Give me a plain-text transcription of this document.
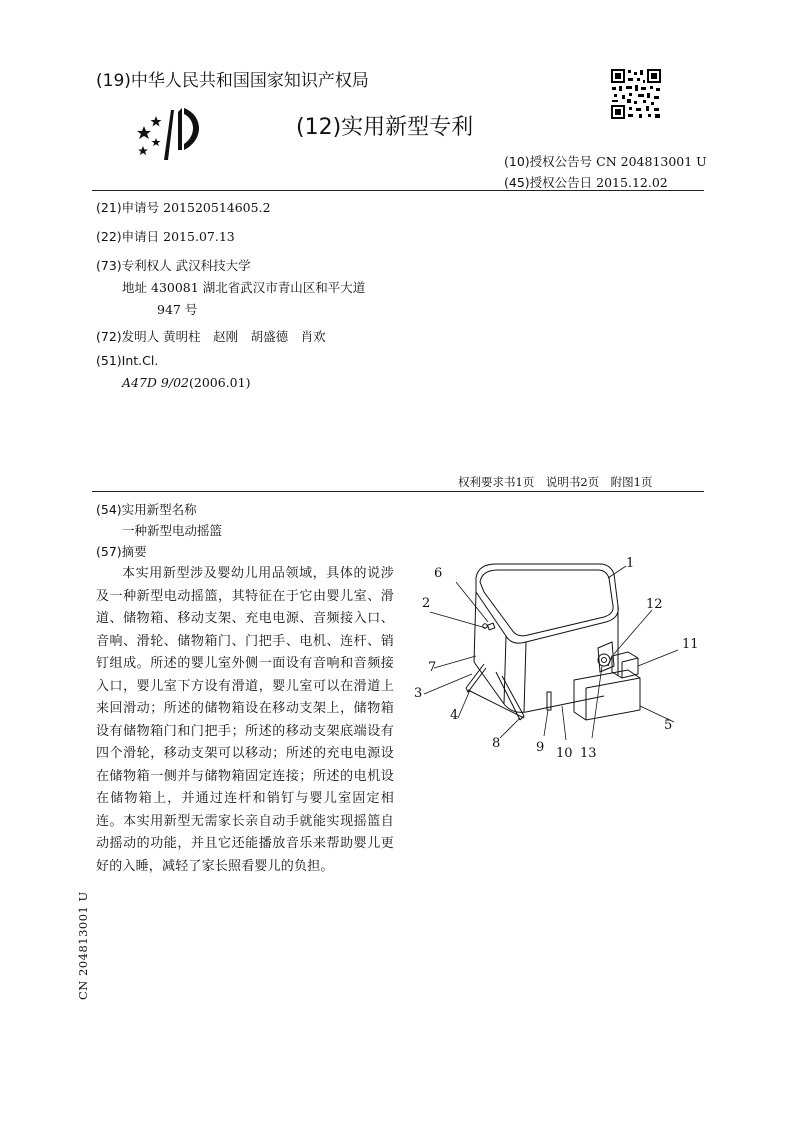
(19)中华人民共和国国家知识产权局
(12)实用新型专利
(10)授权公告号 CN 204813001 U
(45)授权公告日 2015.12.02
(21)申请号 201520514605.2
(22)申请日 2015.07.13
(73)专利权人 武汉科技大学
地址 430081 湖北省武汉市青山区和平大道
947 号
(72)发明人 黄明柱　赵刚　胡盛德　肖欢
(51)Int.Cl.
A47D 9/02(2006.01)
权利要求书1页　说明书2页　附图1页
(54)实用新型名称
一种新型电动摇篮
(57)摘要
本实用新型涉及婴幼儿用品领域，具体的说涉及一种新型电动摇篮，其特征在于它由婴儿室、滑道、储物箱、移动支架、充电电源、音频接入口、音响、滑轮、储物箱门、门把手、电机、连杆、销钉组成。所述的婴儿室外侧一面设有音响和音频接入口，婴儿室下方设有滑道，婴儿室可以在滑道上来回滑动；所述的储物箱设在移动支架上，储物箱设有储物箱门和门把手；所述的移动支架底端设有四个滑轮，移动支架可以移动；所述的充电电源设在储物箱一侧并与储物箱固定连接；所述的电机设在储物箱上，并通过连杆和销钉与婴儿室固定相连。本实用新型无需家长亲自动手就能实现摇篮自动摇动的功能，并且它还能播放音乐来帮助婴儿更好的入睡，减轻了家长照看婴儿的负担。
1
2
3
4
5
6
7
8	9 10
11
12
13
CN 204813001 U
